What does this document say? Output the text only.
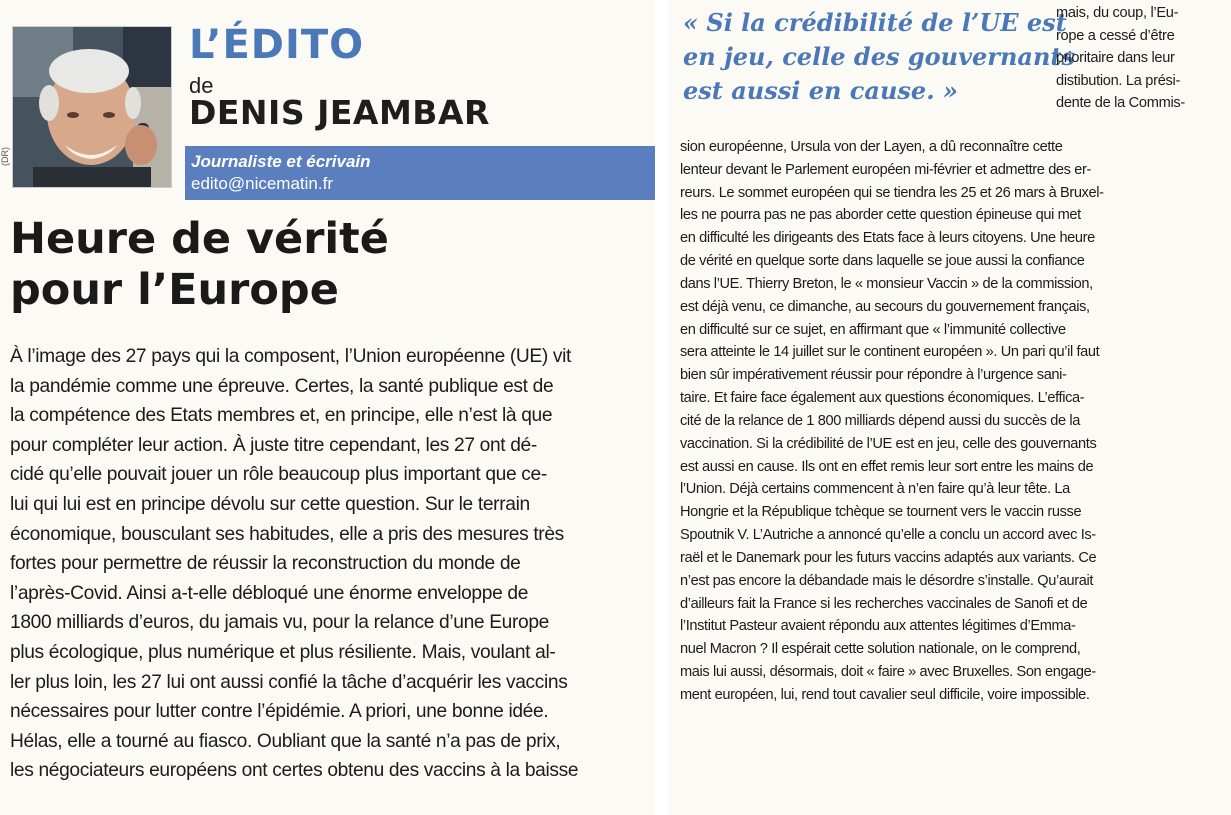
(DR)
L’ÉDITO
de
DENIS JEAMBAR
Journaliste et écrivain
edito@nicematin.fr
Heure de vérité
pour l’Europe
À l’image des 27 pays qui la composent, l’Union européenne (UE) vit
la pandémie comme une épreuve. Certes, la santé publique est de
la compétence des Etats membres et, en principe, elle n’est là que
pour compléter leur action. À juste titre cependant, les 27 ont dé-
cidé qu’elle pouvait jouer un rôle beaucoup plus important que ce-
lui qui lui est en principe dévolu sur cette question. Sur le terrain
économique, bousculant ses habitudes, elle a pris des mesures très
fortes pour permettre de réussir la reconstruction du monde de
l’après-Covid. Ainsi a-t-elle débloqué une énorme enveloppe de
1800 milliards d’euros, du jamais vu, pour la relance d’une Europe
plus écologique, plus numérique et plus résiliente. Mais, voulant al-
ler plus loin, les 27 lui ont aussi confié la tâche d’acquérir les vaccins
nécessaires pour lutter contre l’épidémie. A priori, une bonne idée.
Hélas, elle a tourné au fiasco. Oubliant que la santé n’a pas de prix,
les négociateurs européens ont certes obtenu des vaccins à la baisse
« Si la crédibilité de l’UE est
en jeu, celle des gouvernants
est aussi en cause. »
mais, du coup, l’Eu-
rope a cessé d’être
prioritaire dans leur
distibution. La prési-
dente de la Commis-
sion européenne, Ursula von der Layen, a dû reconnaître cette
lenteur devant le Parlement européen mi-février et admettre des er-
reurs. Le sommet européen qui se tiendra les 25 et 26 mars à Bruxel-
les ne pourra pas ne pas aborder cette question épineuse qui met
en difficulté les dirigeants des Etats face à leurs citoyens. Une heure
de vérité en quelque sorte dans laquelle se joue aussi la confiance
dans l’UE. Thierry Breton, le « monsieur Vaccin » de la commission,
est déjà venu, ce dimanche, au secours du gouvernement français,
en difficulté sur ce sujet, en affirmant que « l’immunité collective
sera atteinte le 14 juillet sur le continent européen ». Un pari qu’il faut
bien sûr impérativement réussir pour répondre à l’urgence sani-
taire. Et faire face également aux questions économiques. L’effica-
cité de la relance de 1 800 milliards dépend aussi du succès de la
vaccination. Si la crédibilité de l’UE est en jeu, celle des gouvernants
est aussi en cause. Ils ont en effet remis leur sort entre les mains de
l’Union. Déjà certains commencent à n’en faire qu’à leur tête. La
Hongrie et la République tchèque se tournent vers le vaccin russe
Spoutnik V. L’Autriche a annoncé qu’elle a conclu un accord avec Is-
raël et le Danemark pour les futurs vaccins adaptés aux variants. Ce
n’est pas encore la débandade mais le désordre s’installe. Qu’aurait
d’ailleurs fait la France si les recherches vaccinales de Sanofi et de
l’Institut Pasteur avaient répondu aux attentes légitimes d’Emma-
nuel Macron ? Il espérait cette solution nationale, on le comprend,
mais lui aussi, désormais, doit « faire » avec Bruxelles. Son engage-
ment européen, lui, rend tout cavalier seul difficile, voire impossible.
